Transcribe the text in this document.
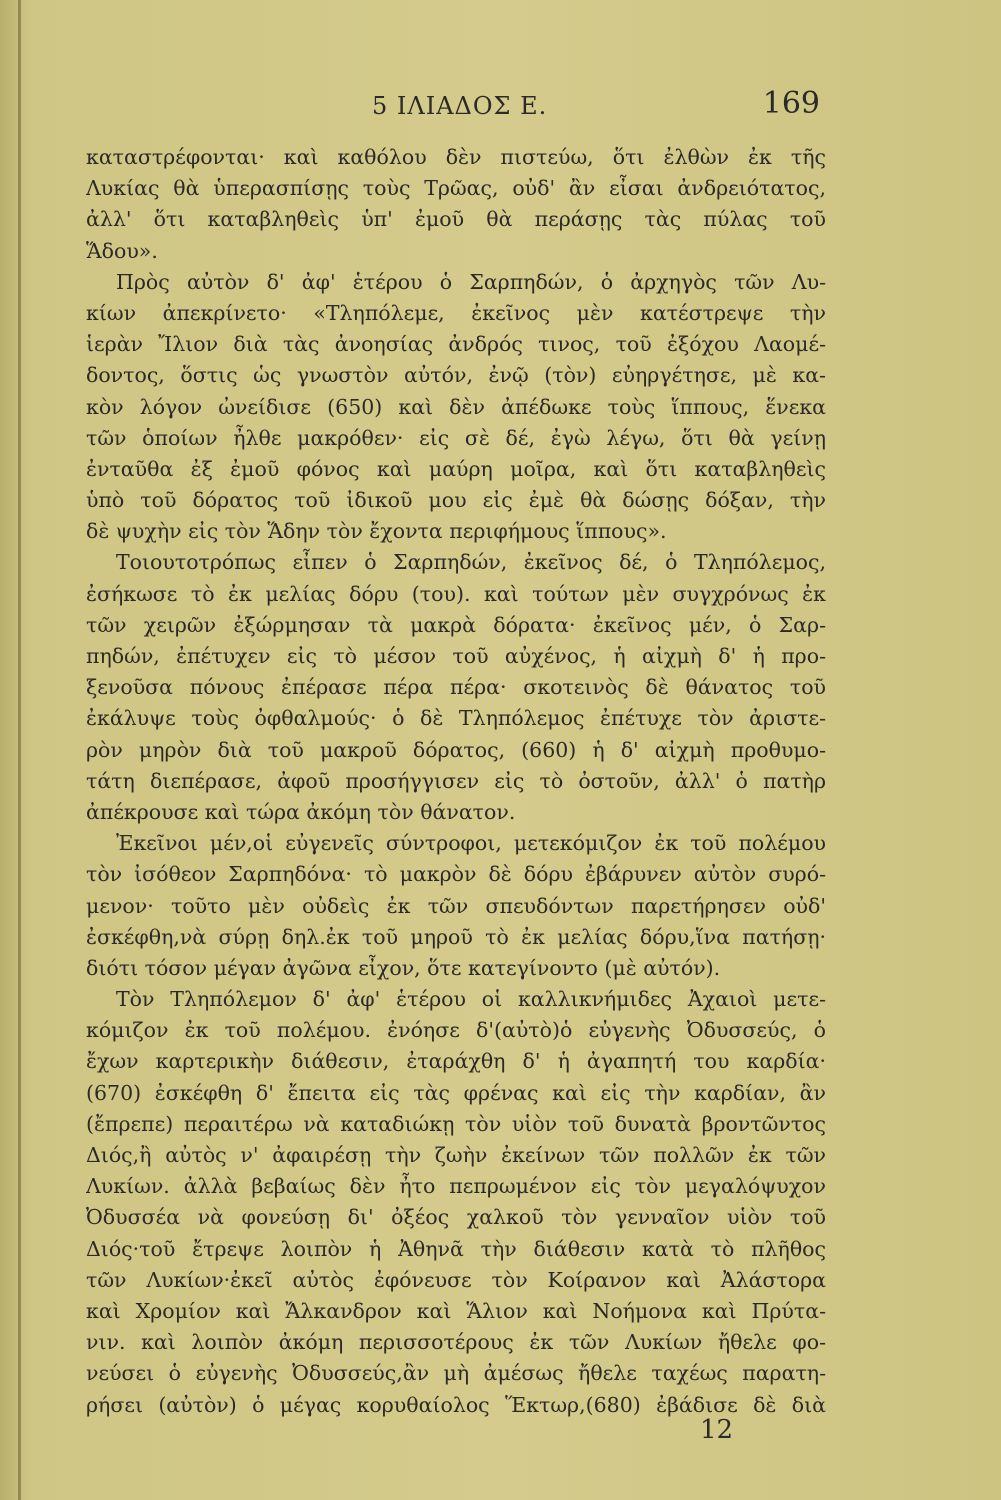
5 ΙΛΙΑΔΟΣ Ε.	169
καταστρέφονται· καὶ καθόλου δὲν πιστεύω, ὅτι ἐλθὼν ἐκ τῆς
Λυκίας θὰ ὑπερασπίσῃς τοὺς Τρῶας, οὐδ' ἂν εἶσαι ἀνδρειότατος,
ἀλλ' ὅτι καταβληθεὶς ὑπ' ἐμοῦ θὰ περάσῃς τὰς πύλας τοῦ
Ἅδου».
Πρὸς αὐτὸν δ' ἀφ' ἑτέρου ὁ Σαρπηδών, ὁ ἀρχηγὸς τῶν Λυ-
κίων ἀπεκρίνετο· «Τληπόλεμε, ἐκεῖνος μὲν κατέστρεψε τὴν
ἱερὰν Ἴλιον διὰ τὰς ἀνοησίας ἀνδρός τινος, τοῦ ἐξόχου Λαομέ-
δοντος, ὅστις ὡς γνωστὸν αὐτόν, ἐνῷ (τὸν) εὐηργέτησε, μὲ κα-
κὸν λόγον ὠνείδισε (650) καὶ δὲν ἀπέδωκε τοὺς ἵππους, ἕνεκα
τῶν ὁποίων ἦλθε μακρόθεν· εἰς σὲ δέ, ἐγὼ λέγω, ὅτι θὰ γείνῃ
ἐνταῦθα ἐξ ἐμοῦ φόνος καὶ μαύρη μοῖρα, καὶ ὅτι καταβληθεὶς
ὑπὸ τοῦ δόρατος τοῦ ἰδικοῦ μου εἰς ἐμὲ θὰ δώσῃς δόξαν, τὴν
δὲ ψυχὴν εἰς τὸν Ἅδην τὸν ἔχοντα περιφήμους ἵππους».
Τοιουτοτρόπως εἶπεν ὁ Σαρπηδών, ἐκεῖνος δέ, ὁ Τληπόλεμος,
ἐσήκωσε τὸ ἐκ μελίας δόρυ (του). καὶ τούτων μὲν συγχρόνως ἐκ
τῶν χειρῶν ἐξώρμησαν τὰ μακρὰ δόρατα· ἐκεῖνος μέν, ὁ Σαρ-
πηδών, ἐπέτυχεν εἰς τὸ μέσον τοῦ αὐχένος, ἡ αἰχμὴ δ' ἡ προ-
ξενοῦσα πόνους ἐπέρασε πέρα πέρα· σκοτεινὸς δὲ θάνατος τοῦ
ἐκάλυψε τοὺς ὀφθαλμούς· ὁ δὲ Τληπόλεμος ἐπέτυχε τὸν ἀριστε-
ρὸν μηρὸν διὰ τοῦ μακροῦ δόρατος, (660) ἡ δ' αἰχμὴ προθυμο-
τάτη διεπέρασε, ἀφοῦ προσήγγισεν εἰς τὸ ὀστοῦν, ἀλλ' ὁ πατὴρ
ἀπέκρουσε καὶ τώρα ἀκόμη τὸν θάνατον.
Ἐκεῖνοι μέν,οἱ εὐγενεῖς σύντροφοι, μετεκόμιζον ἐκ τοῦ πολέμου
τὸν ἰσόθεον Σαρπηδόνα· τὸ μακρὸν δὲ δόρυ ἐβάρυνεν αὐτὸν συρό-
μενον· τοῦτο μὲν οὐδεὶς ἐκ τῶν σπευδόντων παρετήρησεν οὐδ'
ἐσκέφθη,νὰ σύρῃ δηλ.ἐκ τοῦ μηροῦ τὸ ἐκ μελίας δόρυ,ἵνα πατήσῃ·
διότι τόσον μέγαν ἀγῶνα εἶχον, ὅτε κατεγίνοντο (μὲ αὐτόν).
Τὸν Τληπόλεμον δ' ἀφ' ἑτέρου οἱ καλλικνήμιδες Ἀχαιοὶ μετε-
κόμιζον ἐκ τοῦ πολέμου. ἐνόησε δ'(αὐτὸ)ὁ εὐγενὴς Ὀδυσσεύς, ὁ
ἔχων καρτερικὴν διάθεσιν, ἐταράχθη δ' ἡ ἀγαπητή του καρδία·
(670) ἐσκέφθη δ' ἔπειτα εἰς τὰς φρένας καὶ εἰς τὴν καρδίαν, ἂν
(ἔπρεπε) περαιτέρω νὰ καταδιώκῃ τὸν υἱὸν τοῦ δυνατὰ βροντῶντος
Διός,ἢ αὐτὸς ν' ἀφαιρέσῃ τὴν ζωὴν ἐκείνων τῶν πολλῶν ἐκ τῶν
Λυκίων. ἀλλὰ βεβαίως δὲν ἦτο πεπρωμένον εἰς τὸν μεγαλόψυχον
Ὀδυσσέα νὰ φονεύσῃ δι' ὀξέος χαλκοῦ τὸν γενναῖον υἱὸν τοῦ
Διός·τοῦ ἔτρεψε λοιπὸν ἡ Ἀθηνᾶ τὴν διάθεσιν κατὰ τὸ πλῆθος
τῶν Λυκίων·ἐκεῖ αὐτὸς ἐφόνευσε τὸν Κοίρανον καὶ Ἀλάστορα
καὶ Χρομίον καὶ Ἄλκανδρον καὶ Ἅλιον καὶ Νοήμονα καὶ Πρύτα-
νιν. καὶ λοιπὸν ἀκόμη περισσοτέρους ἐκ τῶν Λυκίων ἤθελε φο-
νεύσει ὁ εὐγενὴς Ὀδυσσεύς,ἂν μὴ ἀμέσως ἤθελε ταχέως παρατη-
ρήσει (αὐτὸν) ὁ μέγας κορυθαίολος Ἕκτωρ,(680) ἐβάδισε δὲ διὰ
12
